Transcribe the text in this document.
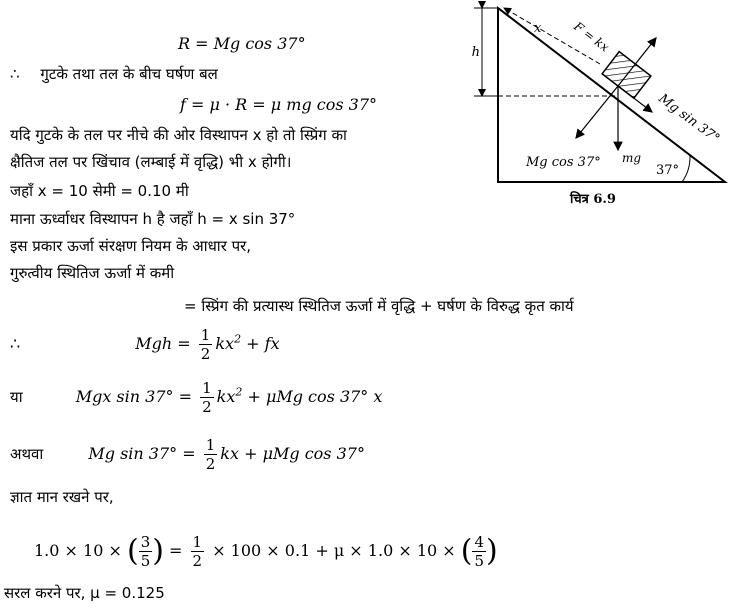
R = Mg cos 37°
∴ गुटके तथा तल के बीच घर्षण बल
f = μ · R = μ mg cos 37°
यदि गुटके के तल पर नीचे की ओर विस्थापन x हो तो स्प्रिंग का
क्षैतिज तल पर खिंचाव (लम्बाई में वृद्धि) भी x होगी।
जहाँ x = 10 सेमी = 0.10 मी
माना ऊर्ध्वाधर विस्थापन h है जहाँ h = x sin 37°
इस प्रकार ऊर्जा संरक्षण नियम के आधार पर,
गुरुत्वीय स्थितिज ऊर्जा में कमी
= स्प्रिंग की प्रत्यास्थ स्थितिज ऊर्जा में वृद्धि + घर्षण के विरुद्ध कृत कार्य
∴	Mgh = $\frac{1}{2} kx^2$ + fx
या	Mgx $\sin 37^\circ = \frac{1}{2} kx^2 + \mu Mg$ cos 37° x
अथवा	Mg $\sin 37^\circ = \frac{1}{2}$ kx + μMg cos 37°
ज्ञात मान रखने पर,
1.0 × 10 × ( $\frac{3}{5}$ ) = $\frac{1}{2} \times 100 \times 0.1 + \mu \times 1.0 \times 10$ × ( $\frac{4}{5}$ )
सरल करने पर, μ = 0.125
h
x F = kx
Mg sin 37°
Mg cos 37° mg
37°
चित्र 6.9
